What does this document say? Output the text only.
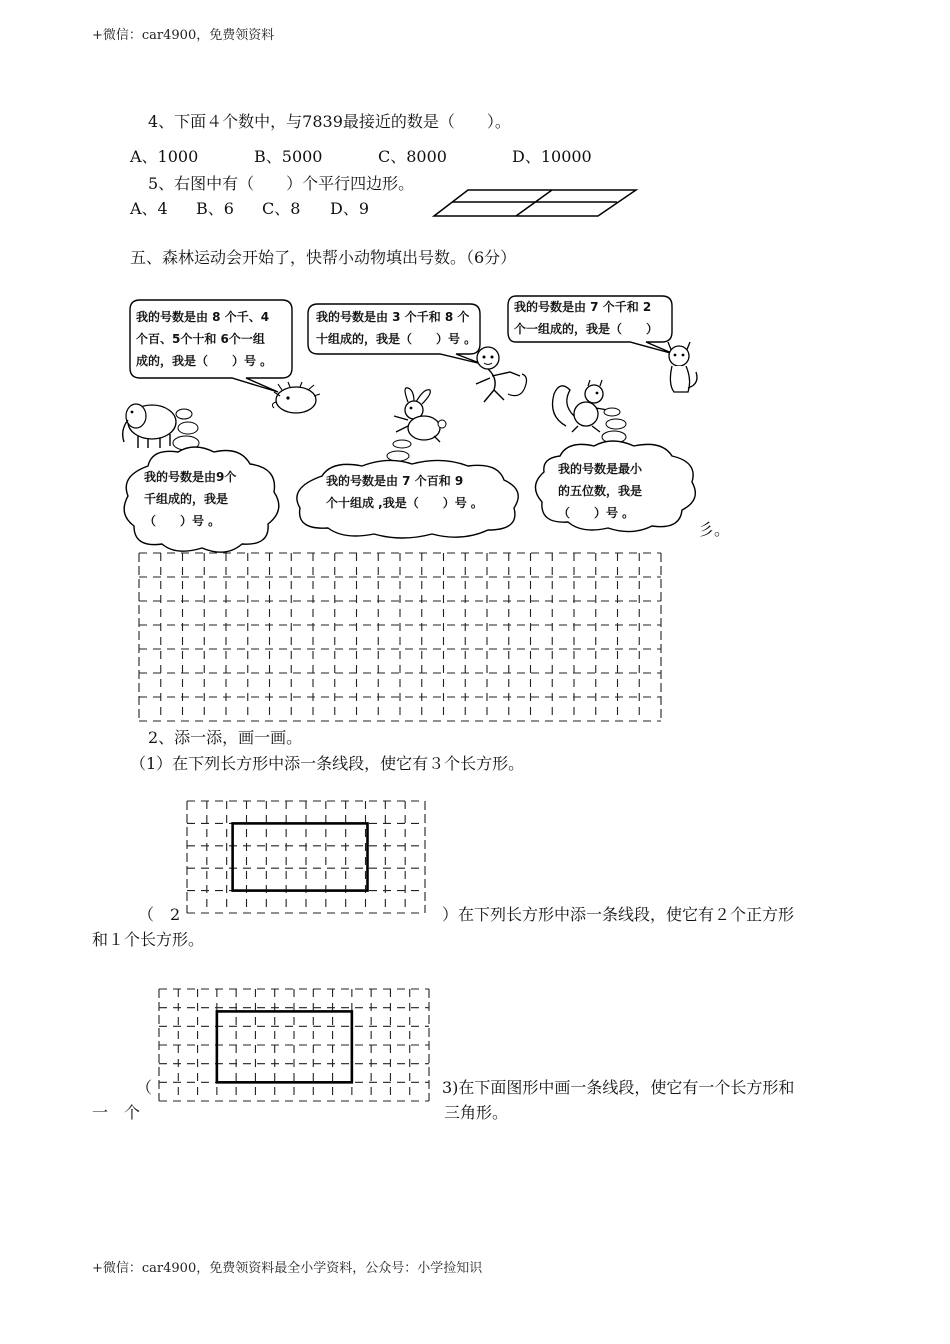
+微信：car4900，免费领资料
4、下面４个数中，与7839最接近的数是（　　）。
A、1000	B、5000	C、8000	D、10000
5、右图中有（　　）个平行四边形。
A、4 B、6 C、8 D、9
五、森林运动会开始了，快帮小动物填出号数。（6分）
我的号数是由 8 个千、4
个百、5个十和 6个一组
成的，我是（　　）号 。
我的号数是由 3 个千和 8 个
十组成的，我是（　　）号 。
我的号数是由 7 个千和 2
个一组成的，我是（　　）
我的号数是由9个
千组成的，我是
（　　）号 。
我的号数是由 7 个百和 9
个十组成 ,我是（　　）号 。
我的号数是最小
的五位数，我是
（　　）号 。
彡。
2、添一添，画一画。
（1）在下列长方形中添一条线段，使它有３个长方形。
（　2	）在下列长方形中添一条线段，使它有２个正方形
和１个长方形。
（	3)在下面图形中画一条线段，使它有一个长方形和
一　个	三角形。
+微信：car4900，免费领资料最全小学资料，公众号：小学捡知识
